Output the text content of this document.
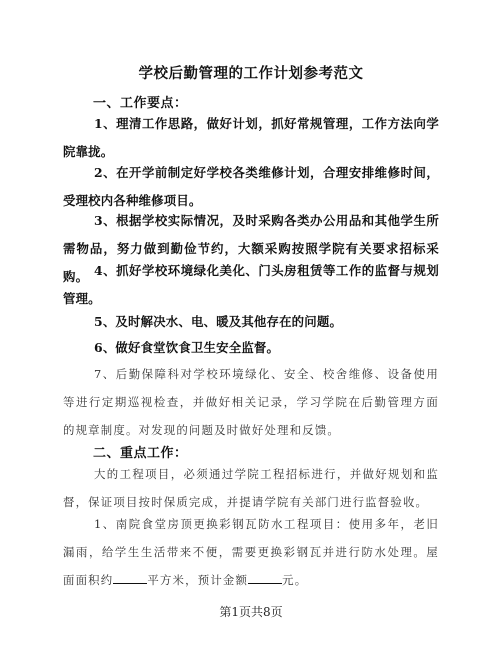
学校后勤管理的工作计划参考范文
一、工作要点：
1、理清工作思路，做好计划，抓好常规管理，工作方法向学院靠拢。
2、在开学前制定好学校各类维修计划，合理安排维修时间，受理校内各种维修项目。
3、根据学校实际情况，及时采购各类办公用品和其他学生所需物品，努力做到勤俭节约，大额采购按照学院有关要求招标采购。 4、抓好学校环境绿化美化、门头房租赁等工作的监督与规划管理。
5、及时解决水、电、暖及其他存在的问题。
6、做好食堂饮食卫生安全监督。
7、后勤保障科对学校环境绿化、安全、校舍维修、设备使用等进行定期巡视检查，并做好相关记录，学习学院在后勤管理方面的规章制度。对发现的问题及时做好处理和反馈。
二、重点工作：
大的工程项目，必须通过学院工程招标进行，并做好规划和监督，保证项目按时保质完成，并提请学院有关部门进行监督验收。
1、南院食堂房顶更换彩钢瓦防水工程项目：使用多年，老旧漏雨，给学生生活带来不便，需要更换彩钢瓦并进行防水处理。屋面面积约	平方米，预计金额	元。
第1页共8页
